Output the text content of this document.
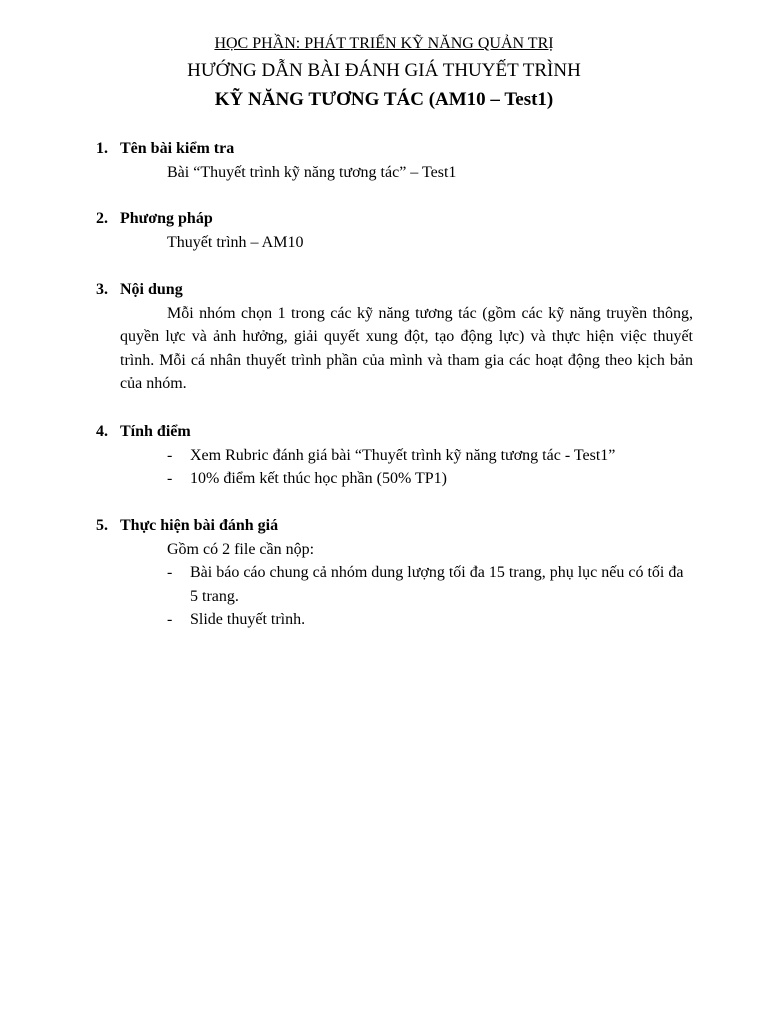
HỌC PHẦN: PHÁT TRIỂN KỸ NĂNG QUẢN TRỊ
HƯỚNG DẪN BÀI ĐÁNH GIÁ THUYẾT TRÌNH
KỸ NĂNG TƯƠNG TÁC (AM10 – Test1)
1. Tên bài kiểm tra
Bài “Thuyết trình kỹ năng tương tác” – Test1
2. Phương pháp
Thuyết trình – AM10
3. Nội dung
Mỗi nhóm chọn 1 trong các kỹ năng tương tác (gồm các kỹ năng truyền thông, quyền lực và ảnh hưởng, giải quyết xung đột, tạo động lực) và thực hiện việc thuyết trình. Mỗi cá nhân thuyết trình phần của mình và tham gia các hoạt động theo kịch bản của nhóm.
4. Tính điểm
- Xem Rubric đánh giá bài “Thuyết trình kỹ năng tương tác - Test1”
- 10% điểm kết thúc học phần (50% TP1)
5. Thực hiện bài đánh giá
Gồm có 2 file cần nộp:
- Bài báo cáo chung cả nhóm dung lượng tối đa 15 trang, phụ lục nếu có tối đa 5 trang.
- Slide thuyết trình.
